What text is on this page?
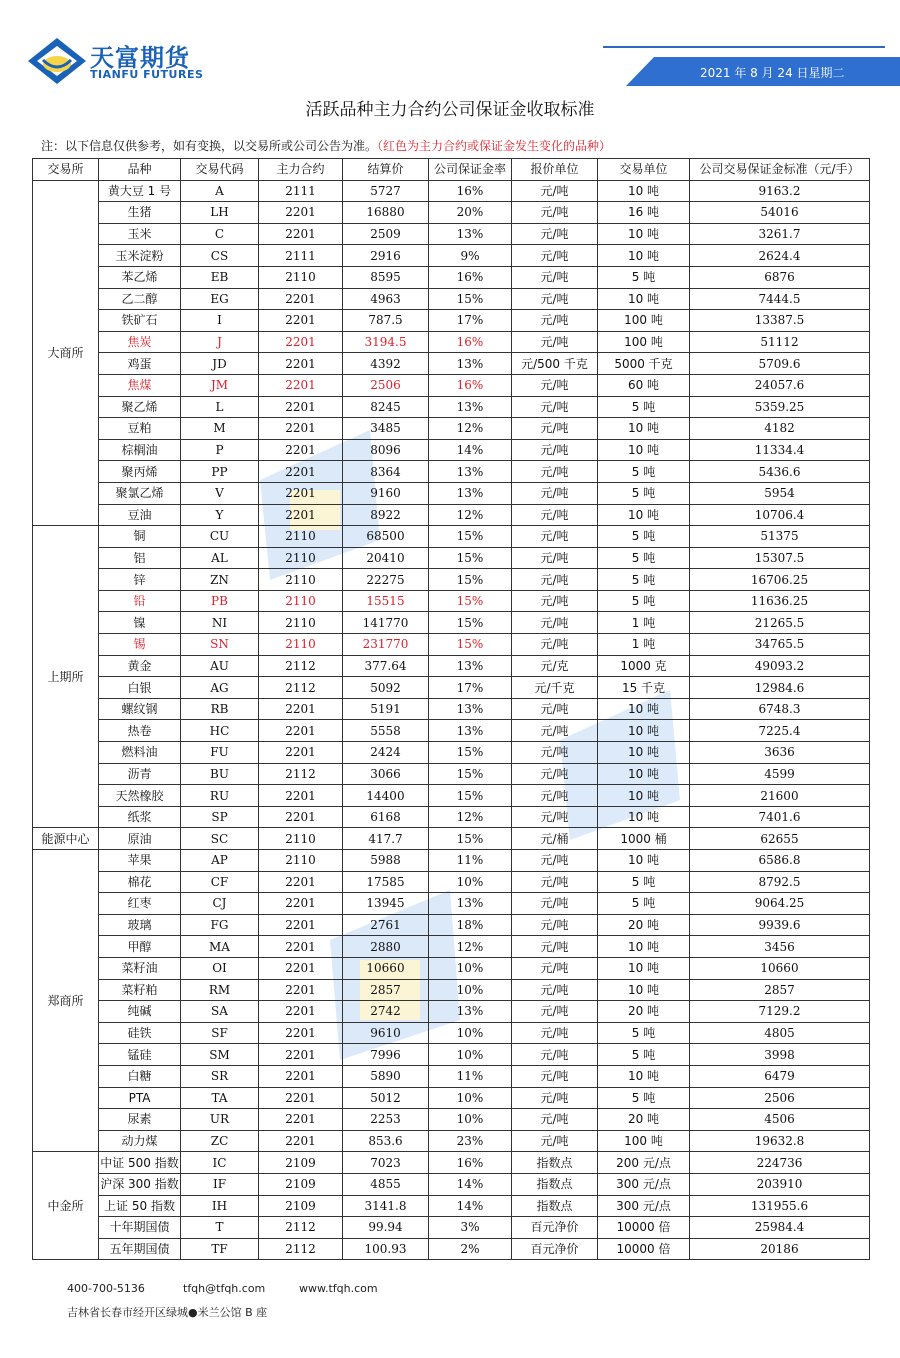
天富期货
TIANFU FUTURES	2021 年 8 月 24 日星期二
活跃品种主力合约公司保证金收取标准
注：以下信息仅供参考，如有变换，以交易所或公司公告为准。（红色为主力合约或保证金发生变化的品种）
交易所	品种	交易代码	主力合约	结算价	公司保证金率	报价单位	交易单位	公司交易保证金标准（元/手）
大商所	黄大豆 1 号	A	2111	5727	16%	元/吨	10 吨	9163.2
	生猪	LH	2201	16880	20%	元/吨	16 吨	54016
	玉米	C	2201	2509	13%	元/吨	10 吨	3261.7
	玉米淀粉	CS	2111	2916	9%	元/吨	10 吨	2624.4
	苯乙烯	EB	2110	8595	16%	元/吨	5 吨	6876
	乙二醇	EG	2201	4963	15%	元/吨	10 吨	7444.5
	铁矿石	I	2201	787.5	17%	元/吨	100 吨	13387.5
	焦炭	J	2201	3194.5	16%	元/吨	100 吨	51112
	鸡蛋	JD	2201	4392	13%	元/500 千克	5000 千克	5709.6
	焦煤	JM	2201	2506	16%	元/吨	60 吨	24057.6
	聚乙烯	L	2201	8245	13%	元/吨	5 吨	5359.25
	豆粕	M	2201	3485	12%	元/吨	10 吨	4182
	棕榈油	P	2201	8096	14%	元/吨	10 吨	11334.4
	聚丙烯	PP	2201	8364	13%	元/吨	5 吨	5436.6
	聚氯乙烯	V	2201	9160	13%	元/吨	5 吨	5954
	豆油	Y	2201	8922	12%	元/吨	10 吨	10706.4
上期所	铜	CU	2110	68500	15%	元/吨	5 吨	51375
	铝	AL	2110	20410	15%	元/吨	5 吨	15307.5
	锌	ZN	2110	22275	15%	元/吨	5 吨	16706.25
	铅	PB	2110	15515	15%	元/吨	5 吨	11636.25
	镍	NI	2110	141770	15%	元/吨	1 吨	21265.5
	锡	SN	2110	231770	15%	元/吨	1 吨	34765.5
	黄金	AU	2112	377.64	13%	元/克	1000 克	49093.2
	白银	AG	2112	5092	17%	元/千克	15 千克	12984.6
	螺纹钢	RB	2201	5191	13%	元/吨	10 吨	6748.3
	热卷	HC	2201	5558	13%	元/吨	10 吨	7225.4
	燃料油	FU	2201	2424	15%	元/吨	10 吨	3636
	沥青	BU	2112	3066	15%	元/吨	10 吨	4599
	天然橡胶	RU	2201	14400	15%	元/吨	10 吨	21600
	纸浆	SP	2201	6168	12%	元/吨	10 吨	7401.6
能源中心	原油	SC	2110	417.7	15%	元/桶	1000 桶	62655
郑商所	苹果	AP	2110	5988	11%	元/吨	10 吨	6586.8
	棉花	CF	2201	17585	10%	元/吨	5 吨	8792.5
	红枣	CJ	2201	13945	13%	元/吨	5 吨	9064.25
	玻璃	FG	2201	2761	18%	元/吨	20 吨	9939.6
	甲醇	MA	2201	2880	12%	元/吨	10 吨	3456
	菜籽油	OI	2201	10660	10%	元/吨	10 吨	10660
	菜籽粕	RM	2201	2857	10%	元/吨	10 吨	2857
	纯碱	SA	2201	2742	13%	元/吨	20 吨	7129.2
	硅铁	SF	2201	9610	10%	元/吨	5 吨	4805
	锰硅	SM	2201	7996	10%	元/吨	5 吨	3998
	白糖	SR	2201	5890	11%	元/吨	10 吨	6479
	PTA	TA	2201	5012	10%	元/吨	5 吨	2506
	尿素	UR	2201	2253	10%	元/吨	20 吨	4506
	动力煤	ZC	2201	853.6	23%	元/吨	100 吨	19632.8
中金所	中证 500 指数	IC	2109	7023	16%	指数点	200 元/点	224736
	沪深 300 指数	IF	2109	4855	14%	指数点	300 元/点	203910
	上证 50 指数	IH	2109	3141.8	14%	指数点	300 元/点	131955.6
	十年期国债	T	2112	99.94	3%	百元净价	10000 倍	25984.4
	五年期国债	TF	2112	100.93	2%	百元净价	10000 倍	20186
400-700-5136	tfqh@tfqh.com	www.tfqh.com
吉林省长春市经开区绿城●米兰公馆 B 座
